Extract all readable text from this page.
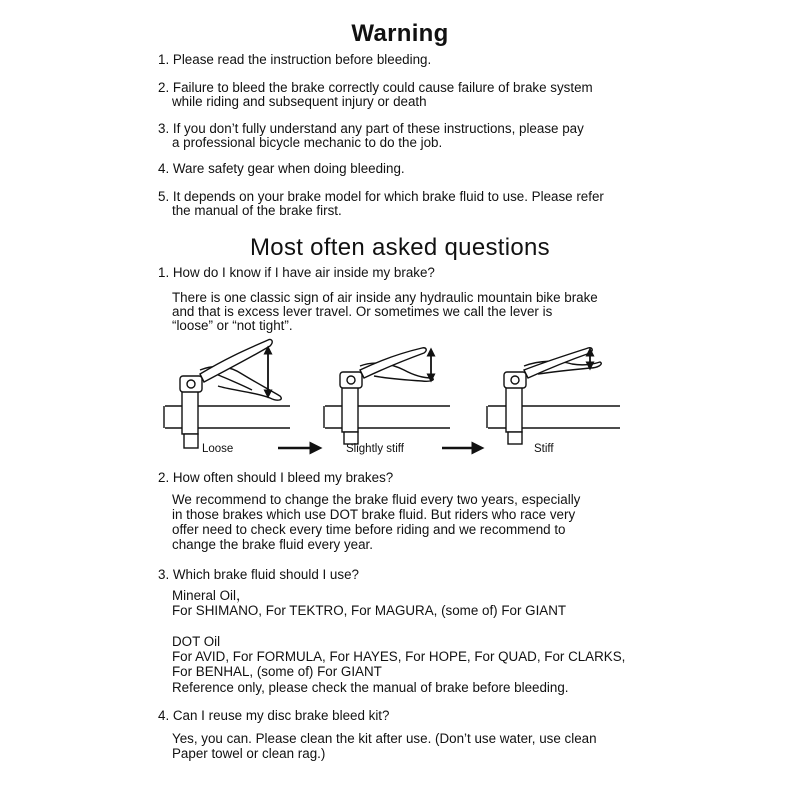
Warning

1. Please read the instruction before bleeding.

2. Failure to bleed the brake correctly could cause failure of brake system

while riding and subsequent injury or death

3. If you don’t fully understand any part of these instructions, please pay

a professional bicycle mechanic to do the job.

4. Ware safety gear when doing bleeding.

5. It depends on your brake model for which brake fluid to use. Please refer

the manual of the brake first.

Most often asked questions

1. How do I know if I have air inside my brake?

There is one classic sign of air inside any hydraulic mountain bike brake

and that is excess lever travel. Or sometimes we call the lever is

“loose” or “not tight”.

Loose	Slightly stiff	Stiff

2. How often should I bleed my brakes?

We recommend to change the brake fluid every two years, especially

in those brakes which use DOT brake fluid. But riders who race very

offer need to check every time before riding and we recommend to

change the brake fluid every year.

3. Which brake fluid should I use?

Mineral Oil，

For SHIMANO, For TEKTRO, For MAGURA, (some of) For GIANT

DOT Oil

For AVID, For FORMULA, For HAYES, For HOPE, For QUAD, For CLARKS,

For BENHAL, (some of) For GIANT

Reference only, please check the manual of brake before bleeding.

4. Can I reuse my disc brake bleed kit?

Yes, you can. Please clean the kit after use. (Don’t use water, use clean

Paper towel or clean rag.)
